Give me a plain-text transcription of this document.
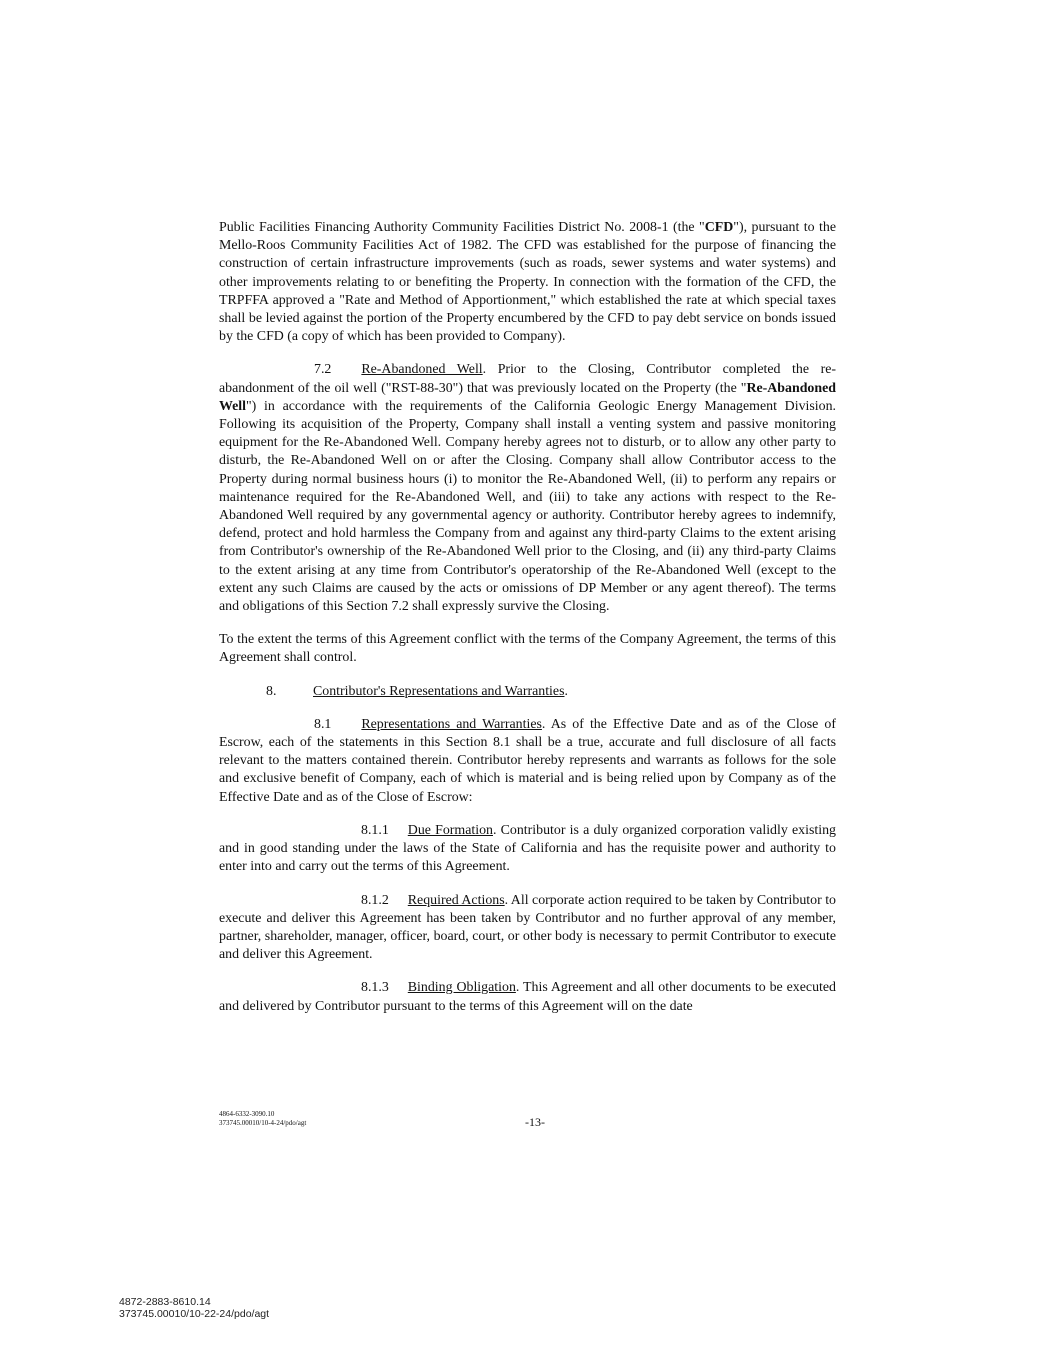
Public Facilities Financing Authority Community Facilities District No. 2008-1 (the "CFD"), pursuant to the Mello-Roos Community Facilities Act of 1982. The CFD was established for the purpose of financing the construction of certain infrastructure improvements (such as roads, sewer systems and water systems) and other improvements relating to or benefiting the Property. In connection with the formation of the CFD, the TRPFFA approved a "Rate and Method of Apportionment," which established the rate at which special taxes shall be levied against the portion of the Property encumbered by the CFD to pay debt service on bonds issued by the CFD (a copy of which has been provided to Company).

7.2 Re-Abandoned Well. Prior to the Closing, Contributor completed the re-abandonment of the oil well ("RST-88-30") that was previously located on the Property (the "Re-Abandoned Well") in accordance with the requirements of the California Geologic Energy Management Division. Following its acquisition of the Property, Company shall install a venting system and passive monitoring equipment for the Re-Abandoned Well. Company hereby agrees not to disturb, or to allow any other party to disturb, the Re-Abandoned Well on or after the Closing. Company shall allow Contributor access to the Property during normal business hours (i) to monitor the Re-Abandoned Well, (ii) to perform any repairs or maintenance required for the Re-Abandoned Well, and (iii) to take any actions with respect to the Re-Abandoned Well required by any governmental agency or authority. Contributor hereby agrees to indemnify, defend, protect and hold harmless the Company from and against any third-party Claims to the extent arising from Contributor's ownership of the Re-Abandoned Well prior to the Closing, and (ii) any third-party Claims to the extent arising at any time from Contributor's operatorship of the Re-Abandoned Well (except to the extent any such Claims are caused by the acts or omissions of DP Member or any agent thereof). The terms and obligations of this Section 7.2 shall expressly survive the Closing.

To the extent the terms of this Agreement conflict with the terms of the Company Agreement, the terms of this Agreement shall control.

8.	Contributor's Representations and Warranties.

8.1 Representations and Warranties. As of the Effective Date and as of the Close of Escrow, each of the statements in this Section 8.1 shall be a true, accurate and full disclosure of all facts relevant to the matters contained therein. Contributor hereby represents and warrants as follows for the sole and exclusive benefit of Company, each of which is material and is being relied upon by Company as of the Effective Date and as of the Close of Escrow:

8.1.1 Due Formation. Contributor is a duly organized corporation validly existing and in good standing under the laws of the State of California and has the requisite power and authority to enter into and carry out the terms of this Agreement.

8.1.2 Required Actions. All corporate action required to be taken by Contributor to execute and deliver this Agreement has been taken by Contributor and no further approval of any member, partner, shareholder, manager, officer, board, court, or other body is necessary to permit Contributor to execute and deliver this Agreement.

8.1.3 Binding Obligation. This Agreement and all other documents to be executed and delivered by Contributor pursuant to the terms of this Agreement will on the date

4864-6332-3090.10
373745.00010/10-4-24/pdo/agt	-13-
4872-2883-8610.14
373745.00010/10-22-24/pdo/agt
